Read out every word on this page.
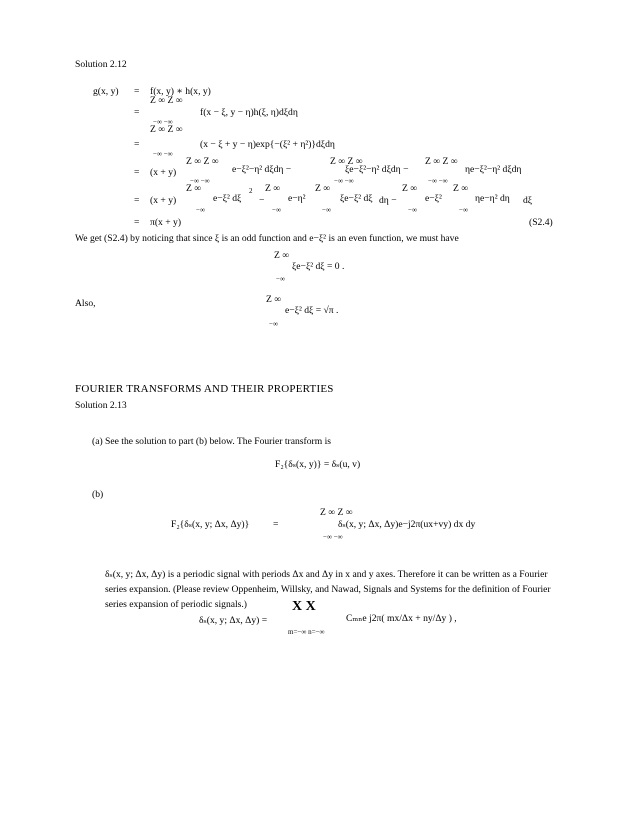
Solution 2.12
g(x, y) = f(x, y) ∗ h(x, y)
Z ∞ Z ∞
=	f(x − ξ, y − η)h(ξ, η)dξdη
−∞ −∞
Z ∞ Z ∞
=	(x − ξ + y − η)exp{−(ξ² + η²)}dξdη
−∞ −∞
Z ∞ Z ∞	Z ∞ Z ∞	Z ∞ Z ∞
= (x + y)	e−ξ²−η² dξdη −	ξe−ξ²−η² dξdη −	ηe−ξ²−η² dξdη
−∞ −∞	−∞ −∞	−∞ −∞
Z ∞	2 Z ∞	Z ∞	Z ∞	Z ∞
= (x + y)	e−ξ² dξ − e−η²	ξe−ξ² dξ dη −	e−ξ²	ηe−η² dη dξ
−∞	−∞	−∞	−∞	−∞
= π(x + y)	(S2.4)
We get (S2.4) by noticing that since ξ is an odd function and e−ξ² is an even function, we must have
Z ∞
ξe−ξ² dξ = 0 .
−∞
Also,	Z ∞
e−ξ² dξ = √π .
−∞
FOURIER TRANSFORMS AND THEIR PROPERTIES
Solution 2.13
(a) See the solution to part (b) below. The Fourier transform is
F₂{δₛ(x, y)} = δₛ(u, v)
(b)
Z ∞ Z ∞
F₂{δₛ(x, y; Δx, Δy)} =	δₛ(x, y; Δx, Δy)e−j2π(ux+vy) dx dy
−∞ −∞
δₛ(x, y; Δx, Δy) is a periodic signal with periods Δx and Δy in x and y axes. Therefore it can be written as a Fourier series expansion. (Please review Oppenheim, Willsky, and Nawad, Signals and Systems for the definition of Fourier series expansion of periodic signals.)	X X
δₛ(x, y; Δx, Δy) =	Cₘₙe j2π( mx/Δx + ny/Δy ) ,
m=−∞ n=−∞
